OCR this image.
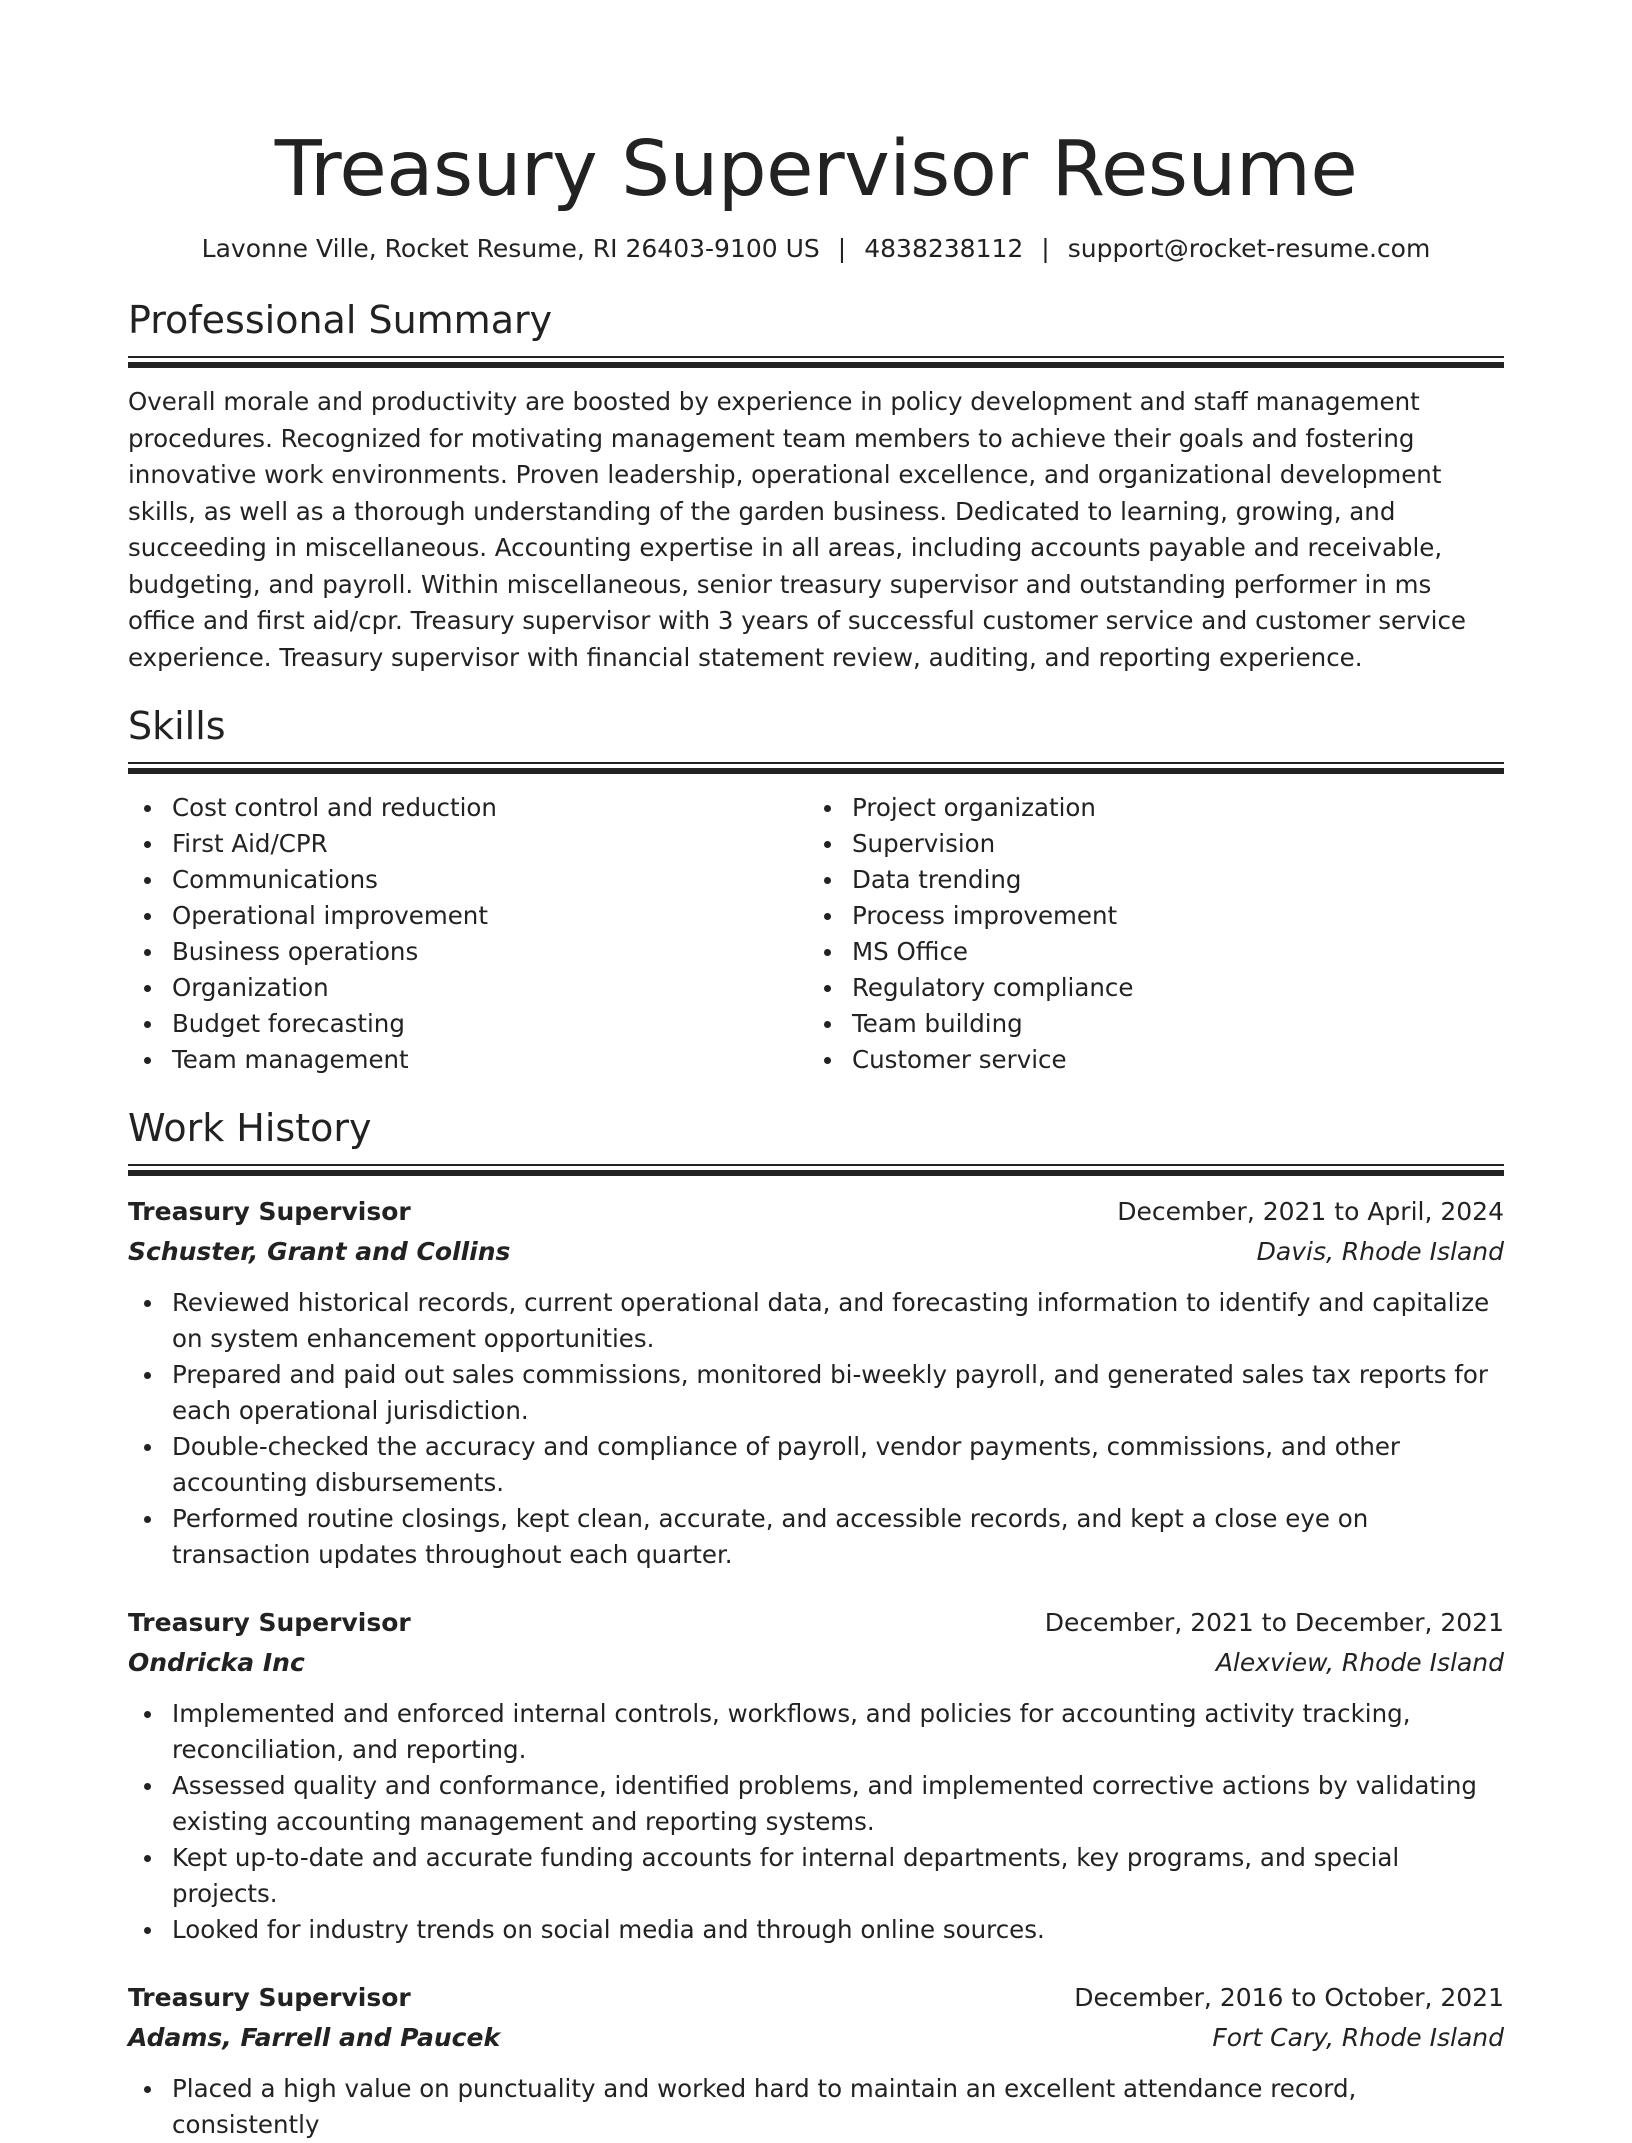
Treasury Supervisor Resume
Lavonne Ville, Rocket Resume, RI 26403-9100 US | 4838238112 | support@rocket-resume.com
Professional Summary

Overall morale and productivity are boosted by experience in policy development and staff management procedures. Recognized for motivating management team members to achieve their goals and fostering innovative work environments. Proven leadership, operational excellence, and organizational development skills, as well as a thorough understanding of the garden business. Dedicated to learning, growing, and succeeding in miscellaneous. Accounting expertise in all areas, including accounts payable and receivable, budgeting, and payroll. Within miscellaneous, senior treasury supervisor and outstanding performer in ms office and first aid/cpr. Treasury supervisor with 3 years of successful customer service and customer service experience. Treasury supervisor with financial statement review, auditing, and reporting experience.

Skills
Cost control and reduction
First Aid/CPR
Communications
Operational improvement
Business operations
Organization
Budget forecasting
Team management
Project organization
Supervision
Data trending
Process improvement
MS Office
Regulatory compliance
Team building
Customer service
Work History
Treasury Supervisor	December, 2021 to April, 2024
Schuster, Grant and Collins	Davis, Rhode Island
Reviewed historical records, current operational data, and forecasting information to identify and capitalize on system enhancement opportunities.
Prepared and paid out sales commissions, monitored bi-weekly payroll, and generated sales tax reports for each operational jurisdiction.
Double-checked the accuracy and compliance of payroll, vendor payments, commissions, and other accounting disbursements.
Performed routine closings, kept clean, accurate, and accessible records, and kept a close eye on transaction updates throughout each quarter.
Treasury Supervisor	December, 2021 to December, 2021
Ondricka Inc	Alexview, Rhode Island
Implemented and enforced internal controls, workflows, and policies for accounting activity tracking, reconciliation, and reporting.
Assessed quality and conformance, identified problems, and implemented corrective actions by validating existing accounting management and reporting systems.
Kept up-to-date and accurate funding accounts for internal departments, key programs, and special projects.
Looked for industry trends on social media and through online sources.
Treasury Supervisor	December, 2016 to October, 2021
Adams, Farrell and Paucek	Fort Cary, Rhode Island
Placed a high value on punctuality and worked hard to maintain an excellent attendance record, consistently
